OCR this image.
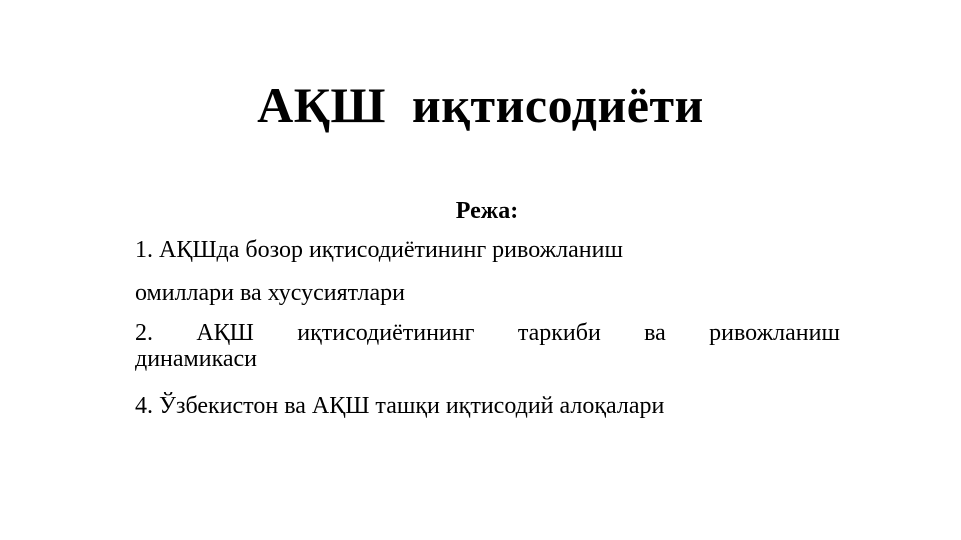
АҚШ  иқтисодиёти
Режа:
1. АҚШда бозор иқтисодиётининг ривожланиш
омиллари ва хусусиятлари
2. АҚШ иқтисодиётининг таркиби ва ривожланиш
динамикаси
4. Ўзбекистон ва АҚШ ташқи иқтисодий алоқалари
